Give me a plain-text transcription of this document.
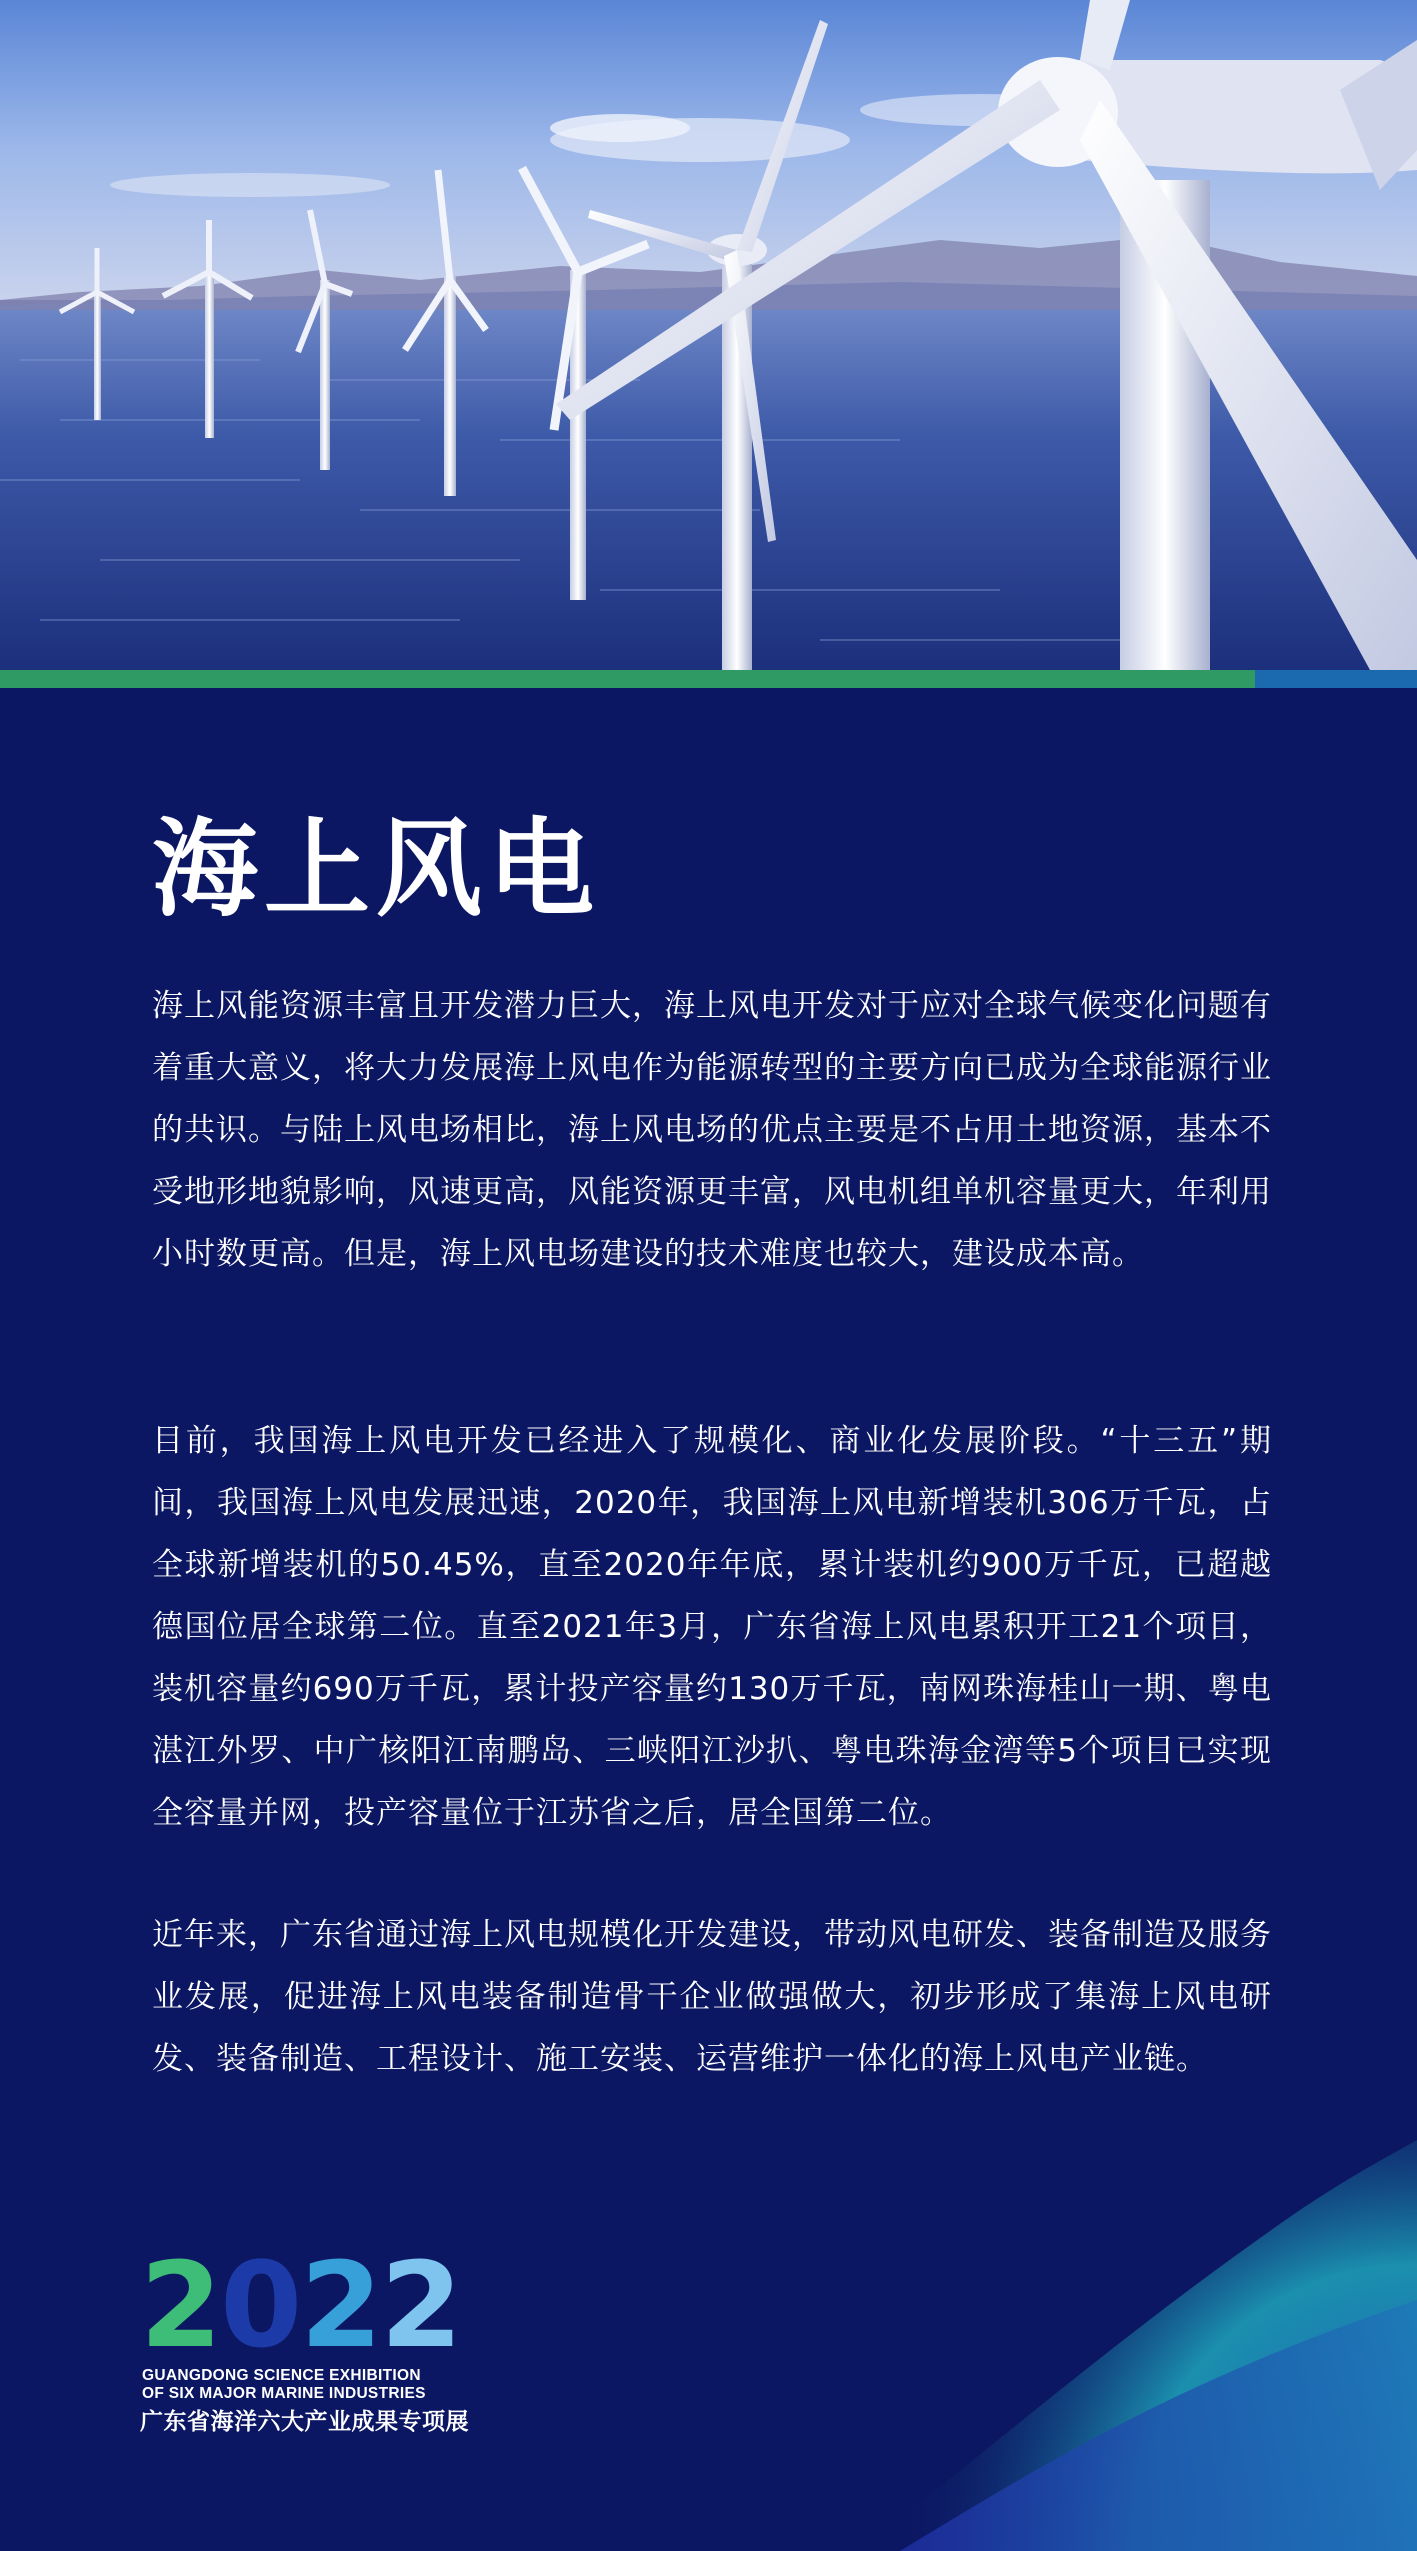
海上风电

海上风能资源丰富且开发潜力巨大，海上风电开发对于应对全球气候变化问题有着重大意义，将大力发展海上风电作为能源转型的主要方向已成为全球能源行业的共识。与陆上风电场相比，海上风电场的优点主要是不占用土地资源，基本不受地形地貌影响，风速更高，风能资源更丰富，风电机组单机容量更大，年利用小时数更高。但是，海上风电场建设的技术难度也较大，建设成本高。

目前，我国海上风电开发已经进入了规模化、商业化发展阶段。“十三五”期间，我国海上风电发展迅速，2020年，我国海上风电新增装机306万千瓦，占全球新增装机的50.45%，直至2020年年底，累计装机约900万千瓦，已超越德国位居全球第二位。直至2021年3月，广东省海上风电累积开工21个项目，装机容量约690万千瓦，累计投产容量约130万千瓦，南网珠海桂山一期、粤电湛江外罗、中广核阳江南鹏岛、三峡阳江沙扒、粤电珠海金湾等5个项目已实现全容量并网，投产容量位于江苏省之后，居全国第二位。

近年来，广东省通过海上风电规模化开发建设，带动风电研发、装备制造及服务业发展，促进海上风电装备制造骨干企业做强做大，初步形成了集海上风电研发、装备制造、工程设计、施工安装、运营维护一体化的海上风电产业链。

2022
GUANGDONG SCIENCE EXHIBITION
OF SIX MAJOR MARINE INDUSTRIES
广东省海洋六大产业成果专项展
